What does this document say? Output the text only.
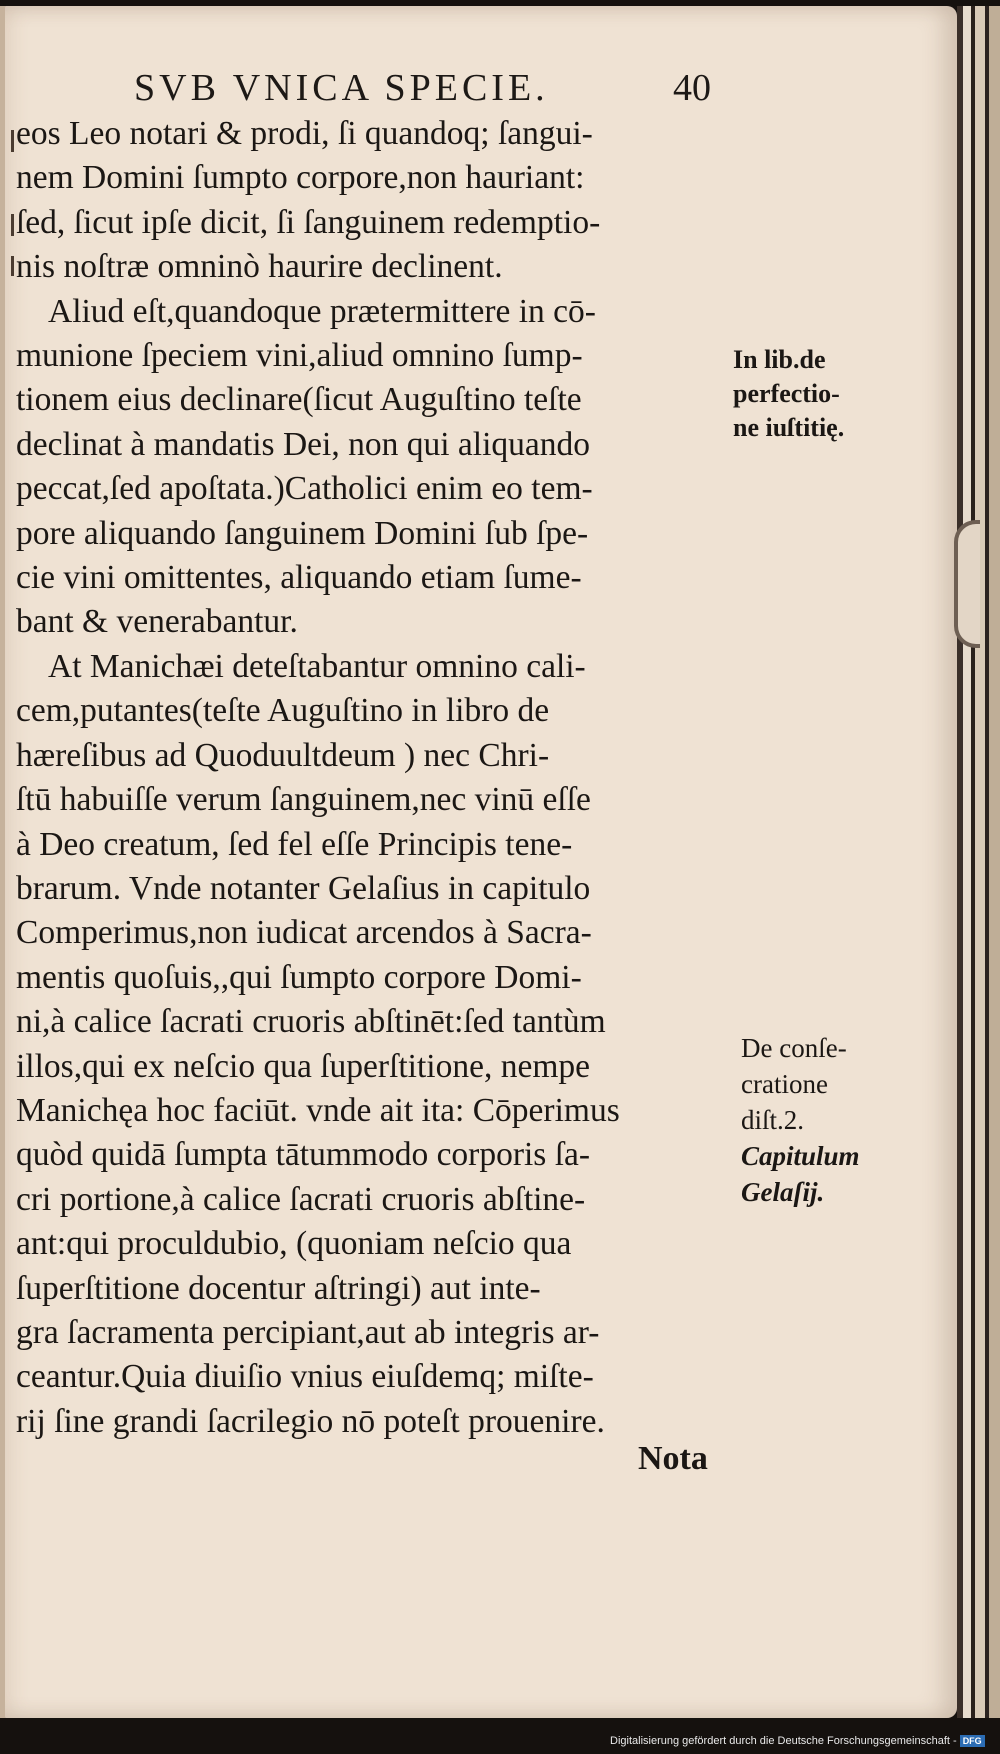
SVB VNICA SPECIE.	40
eos Leo notari & prodi, ſi quandoq; ſangui-
nem Domini ſumpto corpore,non hauriant:
ſed, ſicut ipſe dicit, ſi ſanguinem redemptio-
nis noſtræ omninò haurire declinent.
Aliud eſt,quandoque prætermittere in cō-
munione ſpeciem vini,aliud omnino ſump-
tionem eius declinare(ſicut Auguſtino teſte
declinat à mandatis Dei, non qui aliquando
peccat,ſed apoſtata.)Catholici enim eo tem-
pore aliquando ſanguinem Domini ſub ſpe-
cie vini omittentes, aliquando etiam ſume-
bant & venerabantur.
At Manichæi deteſtabantur omnino cali-
cem,putantes(teſte Auguſtino in libro de
hæreſibus ad Quoduultdeum ) nec Chri-
ſtū habuiſſe verum ſanguinem,nec vinū eſſe
à Deo creatum, ſed fel eſſe Principis tene-
brarum. Vnde notanter Gelaſius in capitulo
Comperimus,non iudicat arcendos à Sacra-
mentis quoſuis,,qui ſumpto corpore Domi-
ni,à calice ſacrati cruoris abſtinēt:ſed tantùm
illos,qui ex neſcio qua ſuperſtitione, nempe
Manichęa hoc faciūt. vnde ait ita: Cōperimus
quòd quidā ſumpta tātummodo corporis ſa-
cri portione,à calice ſacrati cruoris abſtine-
ant:qui proculdubio, (quoniam neſcio qua
ſuperſtitione docentur aſtringi) aut inte-
gra ſacramenta percipiant,aut ab integris ar-
ceantur.Quia diuiſio vnius eiuſdemq; miſte-
rij ſine grandi ſacrilegio nō poteſt prouenire.
In lib.de
perfectio-
ne iuſtitię.
De conſe-
cratione
diſt.2.
Capitulum
Gelaſij.
Nota
Digitalisierung gefördert durch die Deutsche Forschungsgemeinschaft - DFG
